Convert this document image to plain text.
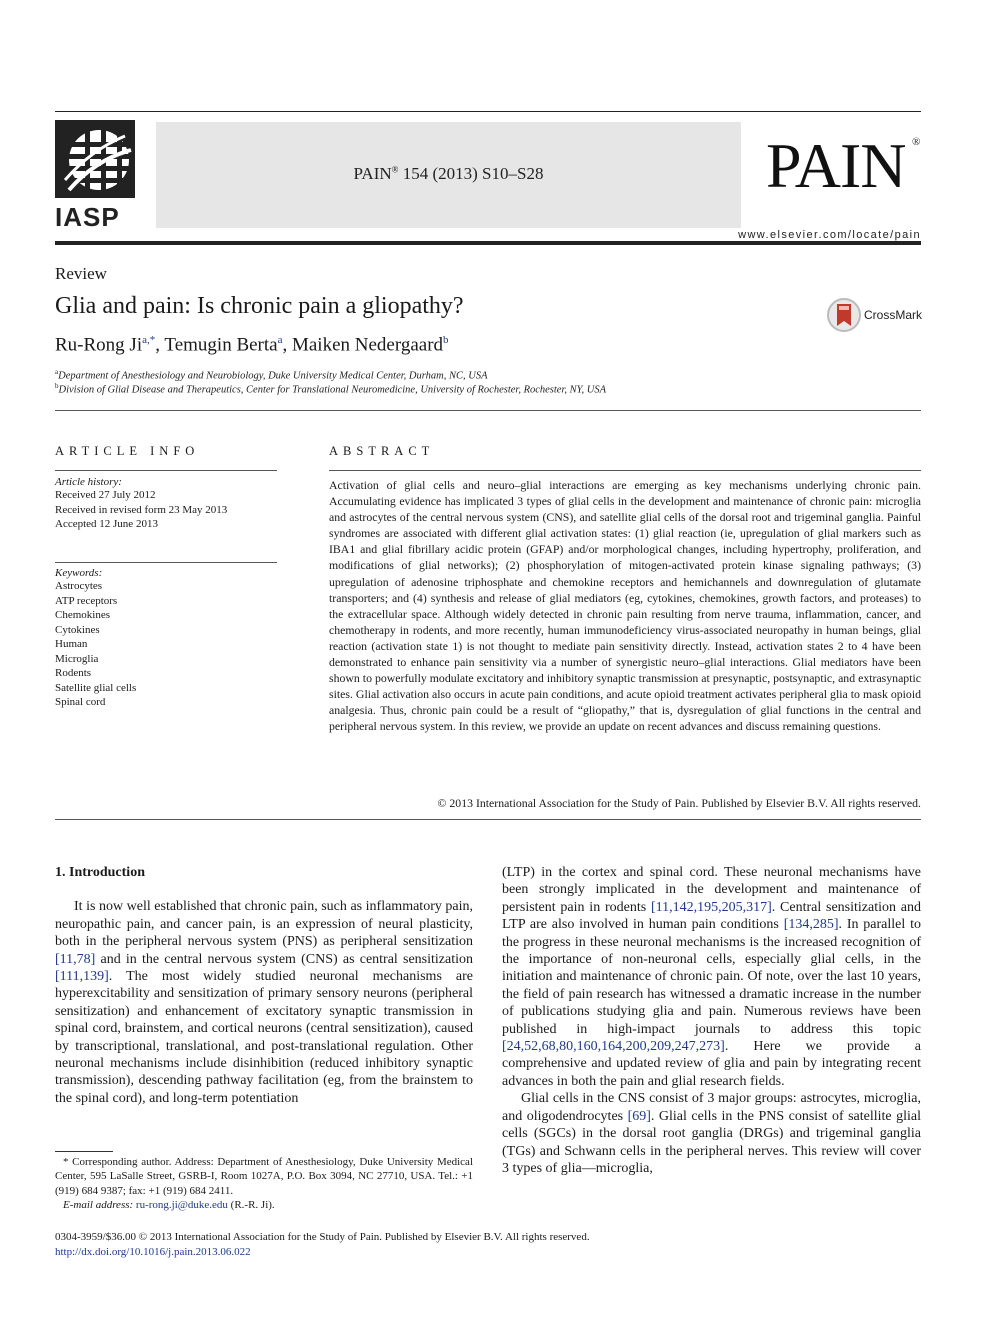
IASP
PAIN® 154 (2013) S10–S28	PAIN ®
www.elsevier.com/locate/pain
Review
Glia and pain: Is chronic pain a gliopathy?	CrossMark
Ru-Rong $Ji^{a,*}$, Temugin Berta$^a$, Maiken Nedergaard$^b$
$^a$Department of Anesthesiology and Neurobiology, Duke University Medical Center, Durham, NC, USA
$^b$Division of Glial Disease and Therapeutics, Center for Translational Neuromedicine, University of Rochester, Rochester, NY, USA
ARTICLE INFO
Article history:
Received 27 July 2012
Received in revised form 23 May 2013
Accepted 12 June 2013
Keywords:
Astrocytes
ATP receptors
Chemokines
Cytokines
Human
Microglia
Rodents
Satellite glial cells
Spinal cord
ABSTRACT
Activation of glial cells and neuro–glial interactions are emerging as key mechanisms underlying chronic pain. Accumulating evidence has implicated 3 types of glial cells in the development and maintenance of chronic pain: microglia and astrocytes of the central nervous system (CNS), and satellite glial cells of the dorsal root and trigeminal ganglia. Painful syndromes are associated with different glial activation states: (1) glial reaction (ie, upregulation of glial markers such as IBA1 and glial fibrillary acidic protein (GFAP) and/or morphological changes, including hypertrophy, proliferation, and modifications of glial networks); (2) phosphorylation of mitogen-activated protein kinase signaling pathways; (3) upregulation of adenosine triphosphate and chemokine receptors and hemichannels and downregulation of glutamate transporters; and (4) synthesis and release of glial mediators (eg, cytokines, chemokines, growth factors, and proteases) to the extracellular space. Although widely detected in chronic pain resulting from nerve trauma, inflammation, cancer, and chemotherapy in rodents, and more recently, human immunodeficiency virus-associated neuropathy in human beings, glial reaction (activation state 1) is not thought to mediate pain sensitivity directly. Instead, activation states 2 to 4 have been demonstrated to enhance pain sensitivity via a number of synergistic neuro–glial interactions. Glial mediators have been shown to powerfully modulate excitatory and inhibitory synaptic transmission at presynaptic, postsynaptic, and extrasynaptic sites. Glial activation also occurs in acute pain conditions, and acute opioid treatment activates peripheral glia to mask opioid analgesia. Thus, chronic pain could be a result of “gliopathy,” that is, dysregulation of glial functions in the central and peripheral nervous system. In this review, we provide an update on recent advances and discuss remaining questions.
© 2013 International Association for the Study of Pain. Published by Elsevier B.V. All rights reserved.
1. Introduction
It is now well established that chronic pain, such as inflammatory pain, neuropathic pain, and cancer pain, is an expression of neural plasticity, both in the peripheral nervous system (PNS) as peripheral sensitization [11,78] and in the central nervous system (CNS) as central sensitization [111,139]. The most widely studied neuronal mechanisms are hyperexcitability and sensitization of primary sensory neurons (peripheral sensitization) and enhancement of excitatory synaptic transmission in spinal cord, brainstem, and cortical neurons (central sensitization), caused by transcriptional, translational, and post-translational regulation. Other neuronal mechanisms include disinhibition (reduced inhibitory synaptic transmission), descending pathway facilitation (eg, from the brainstem to the spinal cord), and long-term potentiation
(LTP) in the cortex and spinal cord. These neuronal mechanisms have been strongly implicated in the development and maintenance of persistent pain in rodents [11,142,195,205,317]. Central sensitization and LTP are also involved in human pain conditions [134,285]. In parallel to the progress in these neuronal mechanisms is the increased recognition of the importance of non-neuronal cells, especially glial cells, in the initiation and maintenance of chronic pain. Of note, over the last 10 years, the field of pain research has witnessed a dramatic increase in the number of publications studying glia and pain. Numerous reviews have been published in high-impact journals to address this topic [24,52,68,80,160,164,200,209,247,273]. Here we provide a comprehensive and updated review of glia and pain by integrating recent advances in both the pain and glial research fields.
Glial cells in the CNS consist of 3 major groups: astrocytes, microglia, and oligodendrocytes [69]. Glial cells in the PNS consist of satellite glial cells (SGCs) in the dorsal root ganglia (DRGs) and trigeminal ganglia (TGs) and Schwann cells in the peripheral nerves. This review will cover 3 types of glia—microglia,
* Corresponding author. Address: Department of Anesthesiology, Duke University Medical Center, 595 LaSalle Street, GSRB-I, Room 1027A, P.O. Box 3094, NC 27710, USA. Tel.: +1 (919) 684 9387; fax: +1 (919) 684 2411.
E-mail address: ru-rong.ji@duke.edu (R.-R. Ji).
0304-3959/$36.00 © 2013 International Association for the Study of Pain. Published by Elsevier B.V. All rights reserved.
http://dx.doi.org/10.1016/j.pain.2013.06.022
